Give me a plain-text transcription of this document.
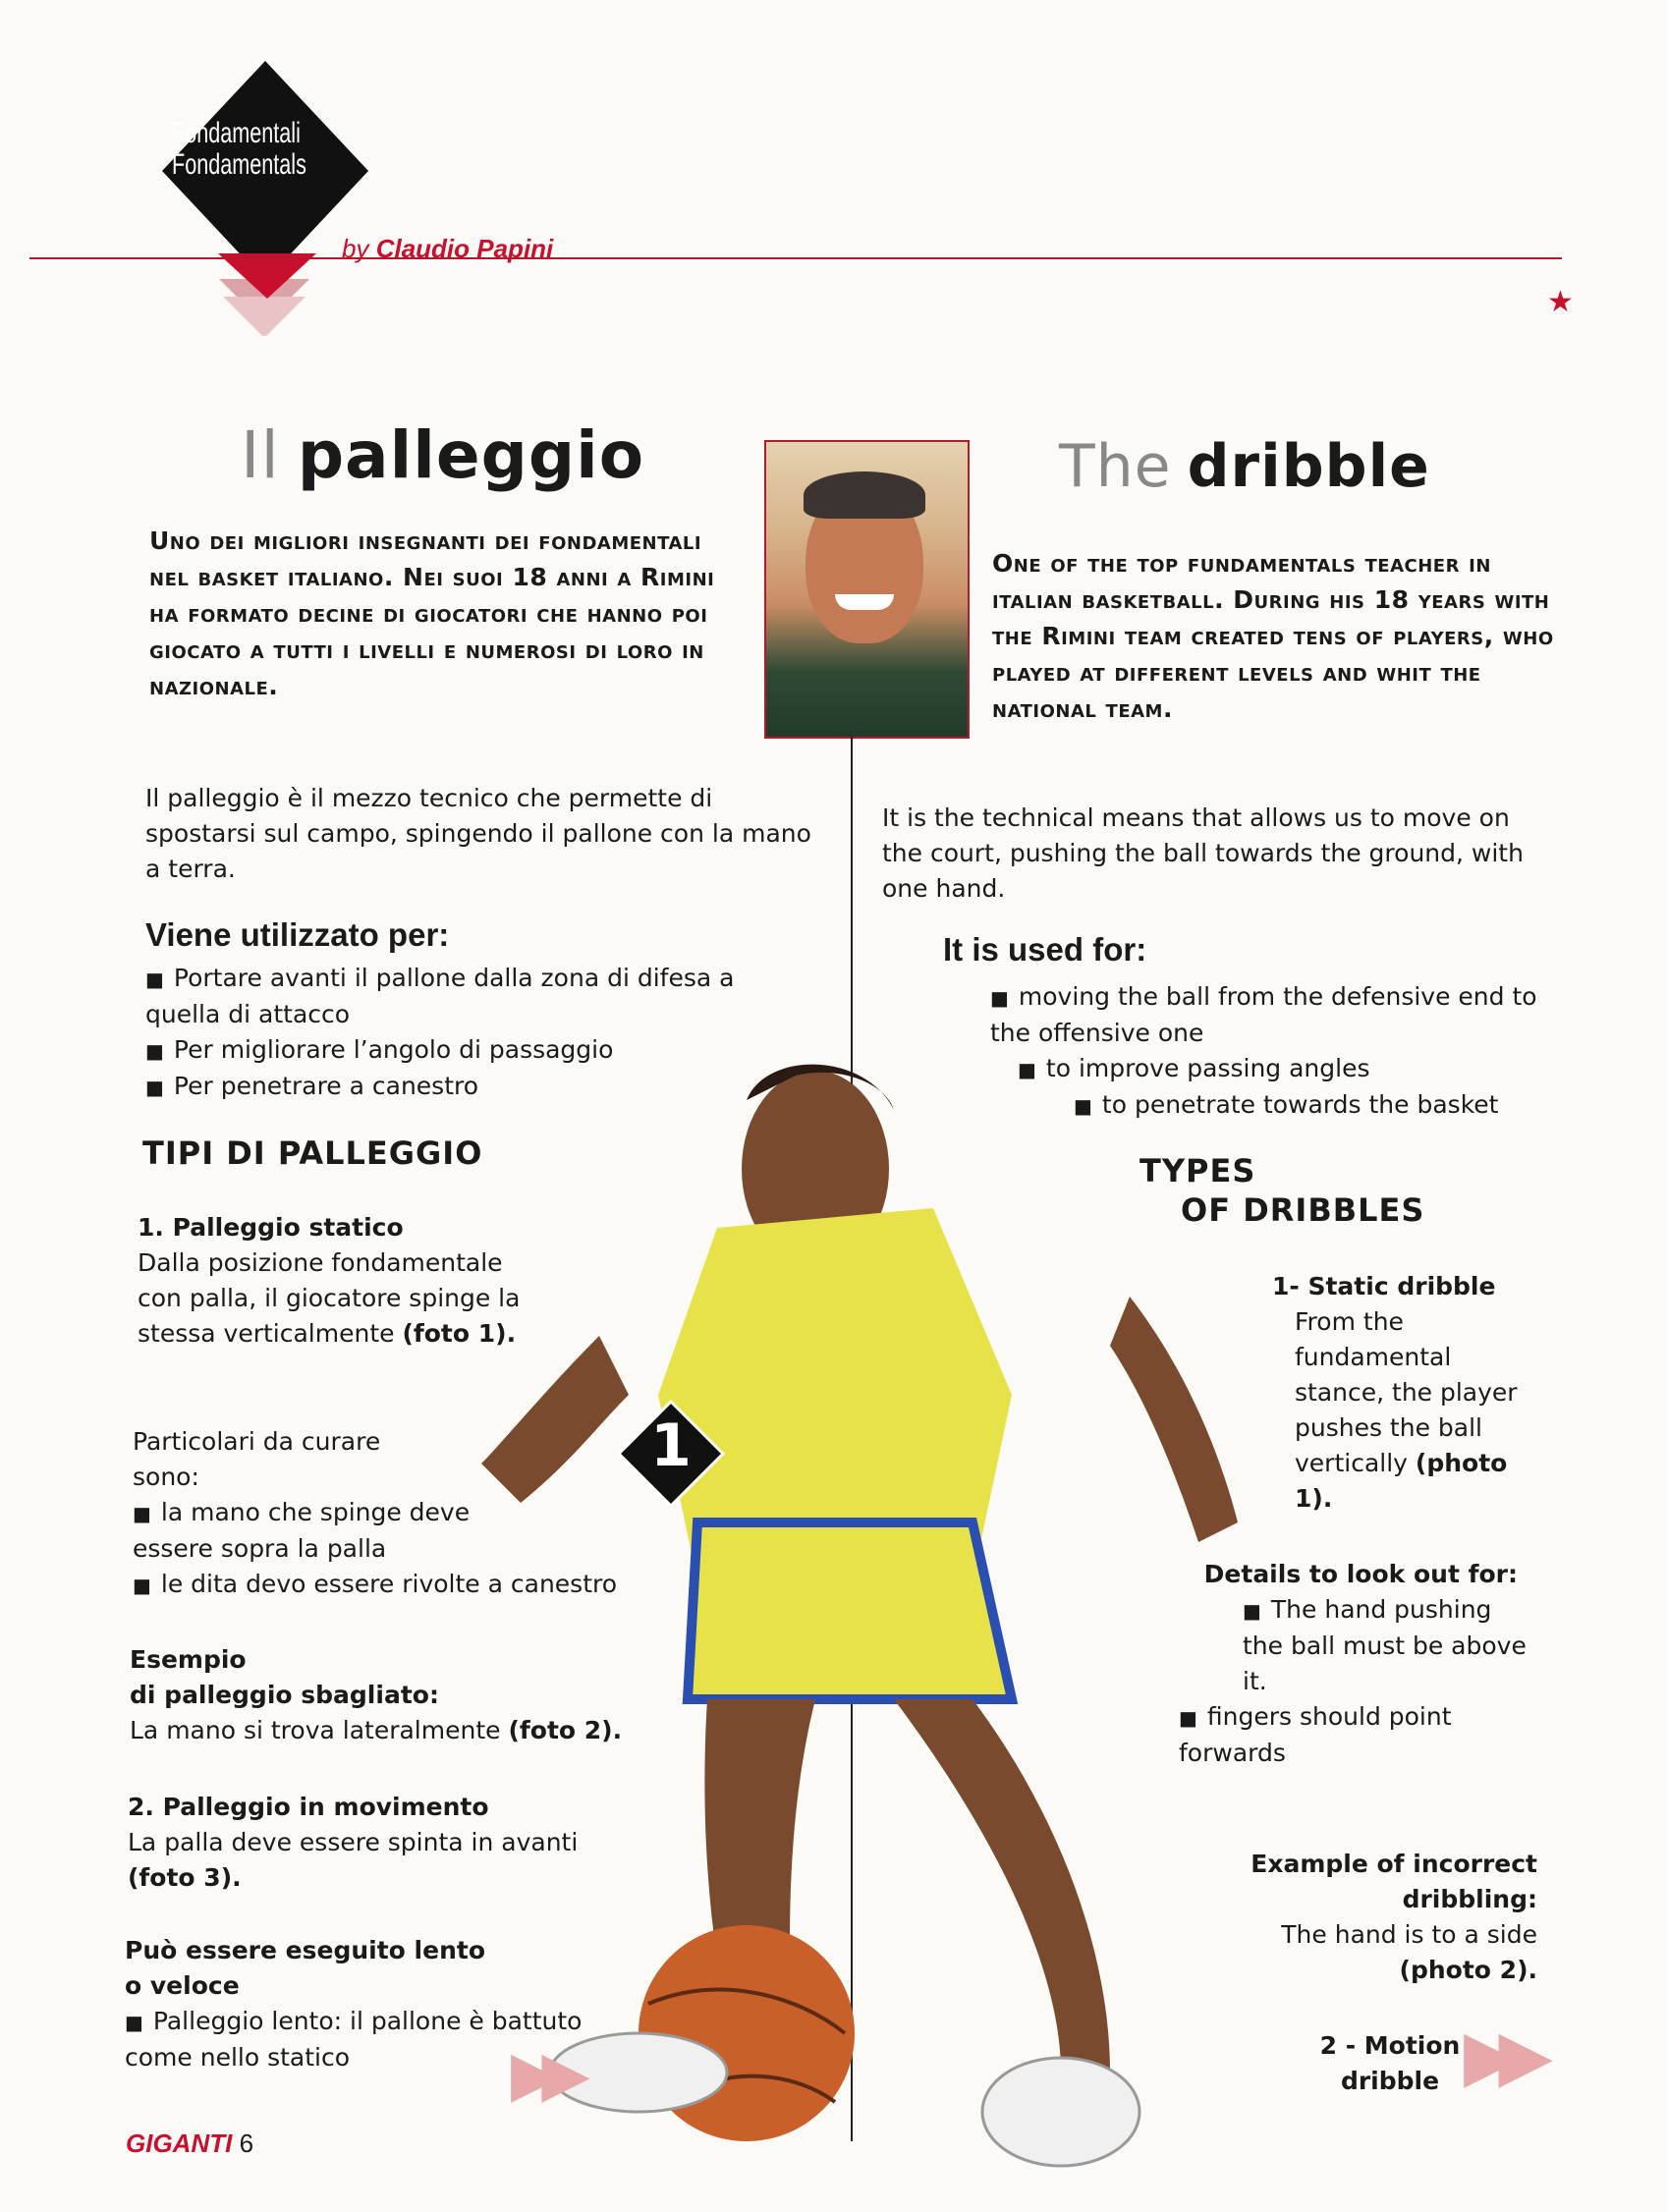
Fondamentali
Fondamentals
★
by Claudio Papini
Il palleggio	The dribble
Uno dei migliori insegnanti dei fondamentali nel basket italiano. Nei suoi 18 anni a Rimini ha formato decine di giocatori che hanno poi giocato a tutti i livelli e numerosi di loro in nazionale.
One of the top fundamentals teacher in italian basketball. During his 18 years with the Rimini team created tens of players, who played at different levels and whit the national team.
Il palleggio è il mezzo tecnico che permette di spostarsi sul campo, spingendo il pallone con la mano a terra.
It is the technical means that allows us to move on the court, pushing the ball towards the ground, with one hand.
Viene utilizzato per:
■ Portare avanti il pallone dalla zona di difesa a quella di attacco
■ Per migliorare l’angolo di passaggio
■ Per penetrare a canestro
It is used for:
■ moving the ball from the defensive end to the offensive one
■ to improve passing angles
■ to penetrate towards the basket
TIPI DI PALLEGGIO
1. Palleggio statico
Dalla posizione fondamentale con palla, il giocatore spinge la stessa verticalmente (foto 1).
Particolari da curare sono:
■ la mano che spinge deve essere sopra la palla
■ le dita devo essere rivolte a canestro
Esempio
di palleggio sbagliato:
La mano si trova lateralmente (foto 2).
2. Palleggio in movimento
La palla deve essere spinta in avanti
(foto 3).
Può essere eseguito lento
o veloce
■ Palleggio lento: il pallone è battuto come nello statico
TYPES
OF DRIBBLES
1- Static dribble
From the fundamental stance, the player pushes the ball vertically (photo 1).
Details to look out for:
■ The hand pushing the ball must be above it.
■ fingers should point forwards
Example of incorrect dribbling:
The hand is to a side (photo 2).
2 - Motion dribble
1
▶▶	▶▶
GIGANTI 6
